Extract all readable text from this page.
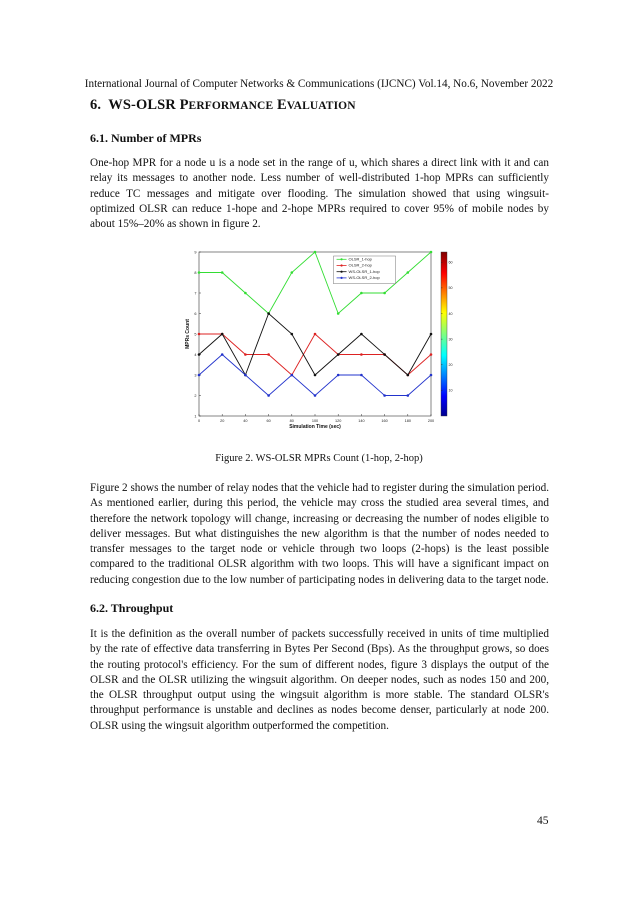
International Journal of Computer Networks & Communications (IJCNC) Vol.14, No.6, November 2022
6. WS-OLSR PERFORMANCE EVALUATION
6.1. Number of MPRs

One-hop MPR for a node u is a node set in the range of u, which shares a direct link with it and can relay its messages to another node. Less number of well-distributed 1-hop MPRs can sufficiently reduce TC messages and mitigate over flooding. The simulation showed that using wingsuit-optimized OLSR can reduce 1-hope and 2-hope MPRs required to cover 95% of mobile nodes by about 15%–20% as shown in figure 2.

0	20	40	60	80	100	120	140	160	180	200
1
2
3
4
5
6
7
8
9
Simulation Time (sec)
MPRs Count
OLSR_1-hop
OLSR_2-hop
WS-OLSR_1-hop
WS-OLSR_2-hop
10
20
30
40
50
60
Figure 2. WS-OLSR MPRs Count (1-hop, 2-hop)

Figure 2 shows the number of relay nodes that the vehicle had to register during the simulation period. As mentioned earlier, during this period, the vehicle may cross the studied area several times, and therefore the network topology will change, increasing or decreasing the number of nodes eligible to deliver messages. But what distinguishes the new algorithm is that the number of nodes needed to transfer messages to the target node or vehicle through two loops (2-hops) is the least possible compared to the traditional OLSR algorithm with two loops. This will have a significant impact on reducing congestion due to the low number of participating nodes in delivering data to the target node.

6.2. Throughput

It is the definition as the overall number of packets successfully received in units of time multiplied by the rate of effective data transferring in Bytes Per Second (Bps). As the throughput grows, so does the routing protocol's efficiency. For the sum of different nodes, figure 3 displays the output of the OLSR and the OLSR utilizing the wingsuit algorithm. On deeper nodes, such as nodes 150 and 200, the OLSR throughput output using the wingsuit algorithm is more stable. The standard OLSR's throughput performance is unstable and declines as nodes become denser, particularly at node 200. OLSR using the wingsuit algorithm outperformed the competition.

45
